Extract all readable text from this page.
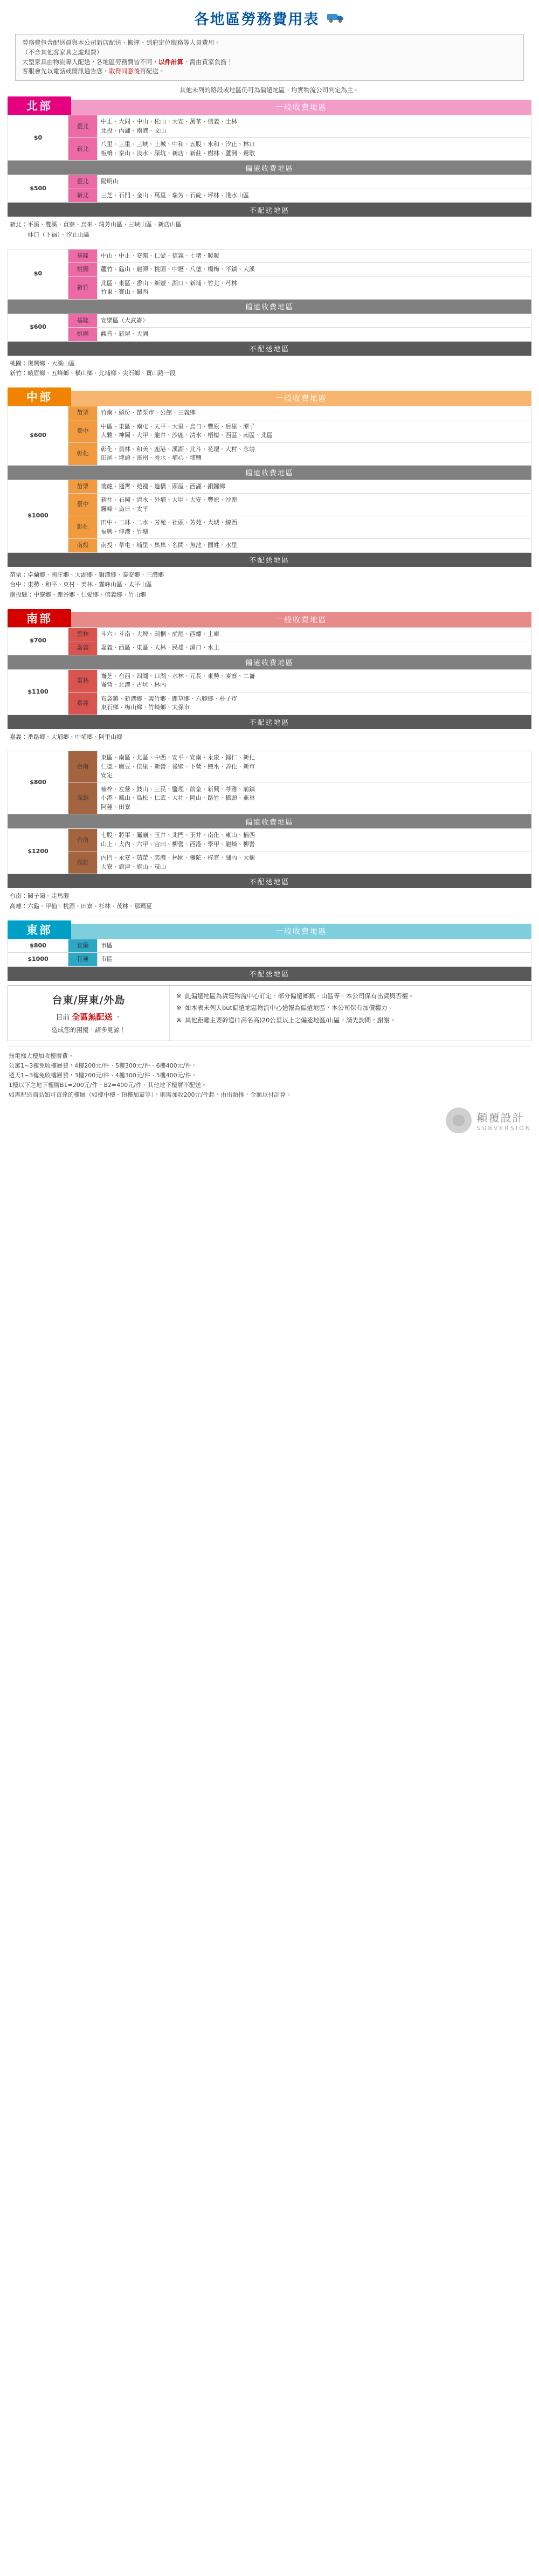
各地區勞務費用表
勞務費包含配送員與本公司新店配送、搬運、到府定位服務等人員費用。
（不含其他客家具之處理費）
大型家具由物流專人配送，各地區勞務費皆不同，以件計算，需由買家負擔！
客服會先以電話或簡訊通告您，取得同意後再配送。
其他未列的路段或地區仍可為偏遠地區，均實物流公司判定為主。
北部	一般收費地區
$0	臺北	中正、大同、中山、松山、大安、萬華、信義、士林
北投、內湖、南港、文山
	新北	八里、三重、三峽、土城、中和、五股、永和、汐止、林口
板橋、泰山、淡水、深坑、新店、新莊、樹林、蘆洲、鶯歌
偏遠收費地區
$500	臺北	陽明山
	新北	三芝、石門、金山、萬里、瑞芳、石碇、坪林、淺水山區
不配送地區
新北：平溪、雙溪、貢寮、烏來、瑞芳山區、三峽山區、新店山區
　　　林口（下福）、汐止山區
$0	基隆	中山、中正、安樂、仁愛、信義、七堵、暖暖
	桃園	蘆竹、龜山、龍潭、桃園、中壢、八德、楊梅、平鎮、大溪
	新竹	北區、東區、香山、新豐、湖口、新埔、竹北、芎林
竹東、寶山、關西
偏遠收費地區
$600	基隆	安樂區（大武崙）
	桃園	觀音、新屋、大園
不配送地區
桃園：復興鄉、大溪山區
新竹：峨眉鄉、五峰鄉、橫山鄉、北埔鄉、尖石鄉、寶山路一段
中部	一般收費地區
$600	苗栗	竹南、頭份、苗栗市、公館、三義鄉
	臺中	中區、東區、南屯、太平、大里、烏日、豐原、后里、潭子
大雅、神岡、大甲、龍井、沙鹿、清水、梧棲、西區、南區、北區
	彰化	彰化、員林、和美、鹿港、溪湖、北斗、花壇、大村、永靖
田尾、埤頭、溪州、秀水、埔心、埔鹽
偏遠收費地區
$1000	苗栗	後龍、通霄、苑裡、造橋、頭屋、西湖、銅鑼鄉
	臺中	新社、石岡、清水、外埔、大甲、大安、豐原、沙鹿
霧峰、烏日、太平
	彰化	田中、二林、二水、芳苑、社頭、芳苑、大城、線西
福興、伸港、竹塘
	南投	南投、草屯、埔里、集集、名間、魚池、國姓、水里
不配送地區
苗栗：卓蘭鄉、南庄鄉、大湖鄉、獅潭鄉、泰安鄉、三灣鄉
台中：東勢、和平、東村、美林、霧峰山區、太平山區
南投縣：中寮鄉、鹿谷鄉、仁愛鄉、信義鄉、竹山鄉
南部	一般收費地區
$700	雲林	斗六、斗南、大埤、莿桐、虎尾、西螺、土庫
	嘉義	嘉義、西區、東區、太林、民雄、溪口、水上
偏遠收費地區
$1100	雲林	崙芝、台西、四湖、口湖、水林、元長、東勢、麥寮、二崙
崙背、北港、古坑、林內
	嘉義	布袋鎮、新港鄉、義竹鄉、鹿草鄉、六腳鄉、朴子市
東石鄉、梅山鄉、竹崎鄉、太保市
不配送地區
嘉義：番路鄉、大埔鄉、中埔鄉、阿里山鄉
$800	台南	東區、南區、北區、中西、安平、安南、永康、歸仁、新化
仁德、麻豆、佳里、新營、後壁、下營、鹽水、善化、新市
安定
	高雄	楠梓、左營、鼓山、三民、鹽埋、前金、新興、苓雅、前鎮
小港、鳳山、鳥松、仁武、大社、岡山、路竹、橋頭、燕巢
阿蓮、田寮
偏遠收費地區
$1200	台南	七股、將軍、屬廟、玉井、北門、玉井、南化、東山、楠西
山上、大內、六甲、官田、柳營、西港、學甲、龍崎、柳營
	高雄	內門、永安、茄萣、美濃、林園、彌陀、梓官、湖內、大樹
大寮、旗津、旗山、茂山
不配送地區
台南：關子嶺、走馬瀨
高雄：六龜、甲仙、桃源、田寮、杉林、茂林、那瑪夏
東部	一般收費地區
$800	宜蘭	市區
$1000	花蓮	市區
不配送地區
台東/屏東/外島
目前 全區無配送 ，
造成您的困擾，請多見諒！
※ 此偏遠地區為貨運物流中心訂定，部分偏遠鄉鎮、山區等，本公司保有出貨與否權。
※ 如本表未列入but偏遠地區物流中心通報為偏遠地區，本公司保有加價權力。
※ 其他距離主要幹道(1高名高)20公里以上之偏遠地區/山區，請先詢問，謝謝。
無電梯大樓加收樓層費。
公寓1~3樓免收樓層費，4樓200元/件、5樓300元/件、6樓400元/件。
透天1~3樓免收樓層費，3樓200元/件、4樓300元/件、5樓400元/件。
1樓以下之地下樓層B1=200元/件、B2=400元/件、其他地下樓層不配送。
如需配送商品如可直達的樓層（如樓中樓、頂樓加蓋等），則需加收200元/件起，由出類推，金額以付計算。
顛覆設計
SUBVERSION
